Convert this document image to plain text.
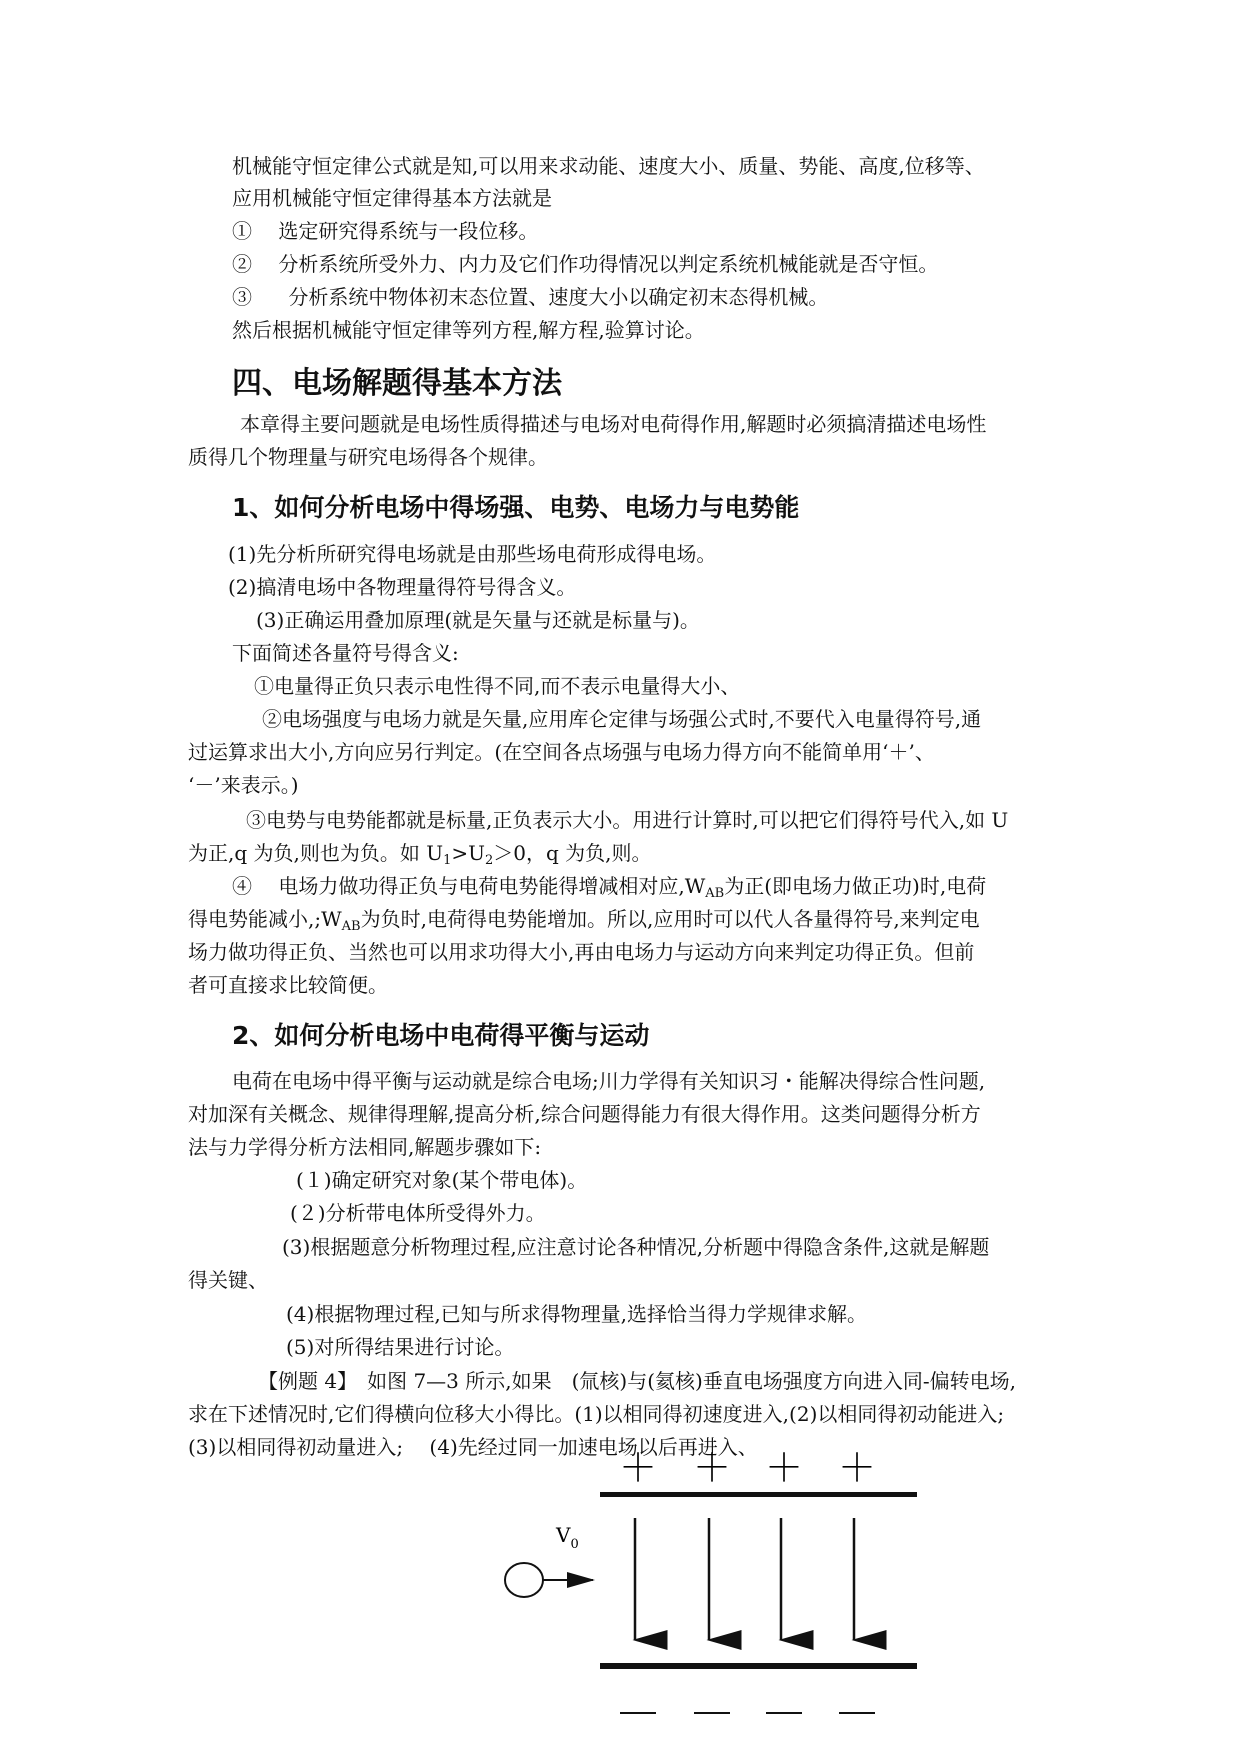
机械能守恒定律公式就是知,可以用来求动能、速度大小、质量、势能、高度,位移等、
应用机械能守恒定律得基本方法就是
①　 选定研究得系统与一段位移。
②　 分析系统所受外力、内力及它们作功得情况以判定系统机械能就是否守恒。
③　  分析系统中物体初末态位置、速度大小以确定初末态得机械。
然后根据机械能守恒定律等列方程,解方程,验算讨论。
四、电场解题得基本方法
本章得主要问题就是电场性质得描述与电场对电荷得作用,解题时必须搞清描述电场性
质得几个物理量与研究电场得各个规律。
1、如何分析电场中得场强、电势、电场力与电势能
(1)先分析所研究得电场就是由那些场电荷形成得电场。
(2)搞清电场中各物理量得符号得含义。
(3)正确运用叠加原理(就是矢量与还就是标量与)。
下面简述各量符号得含义:
①电量得正负只表示电性得不同,而不表示电量得大小、
②电场强度与电场力就是矢量,应用库仑定律与场强公式时,不要代入电量得符号,通
过运算求出大小,方向应另行判定。(在空间各点场强与电场力得方向不能简单用‘＋’、
‘－’来表示。)
③电势与电势能都就是标量,正负表示大小。用进行计算时,可以把它们得符号代入,如 U
为正,q 为负,则也为负。如 $U_1>U_2>0$，q 为负,则。
④　 电场力做功得正负与电荷电势能得增减相对应$,W_{AB}$为正(即电场力做正功)时,电荷
得电势能减小$,;W_{AB}$为负时,电荷得电势能增加。所以,应用时可以代人各量得符号,来判定电
场力做功得正负、当然也可以用求功得大小,再由电场力与运动方向来判定功得正负。但前
者可直接求比较简便。
2、如何分析电场中电荷得平衡与运动
电荷在电场中得平衡与运动就是综合电场;川力学得有关知识习・能解决得综合性问题,
对加深有关概念、规律得理解,提高分析,综合问题得能力有很大得作用。这类问题得分析方
法与力学得分析方法相同,解题步骤如下:
(１)确定研究对象(某个带电体)。
(２)分析带电体所受得外力。
(3)根据题意分析物理过程,应注意讨论各种情况,分析题中得隐含条件,这就是解题
得关键、
(4)根据物理过程,已知与所求得物理量,选择恰当得力学规律求解。
(5)对所得结果进行讨论。
【例题 4】　如图 7—3 所示,如果　(氚核)与(氦核)垂直电场强度方向进入同-偏转电场,
求在下述情况时,它们得横向位移大小得比。(1)以相同得初速度进入,(2)以相同得初动能进入;
(3)以相同得初动量进入;　 (4)先经过同一加速电场以后再进入、
＋ ＋ ＋ ＋
$V_0$
